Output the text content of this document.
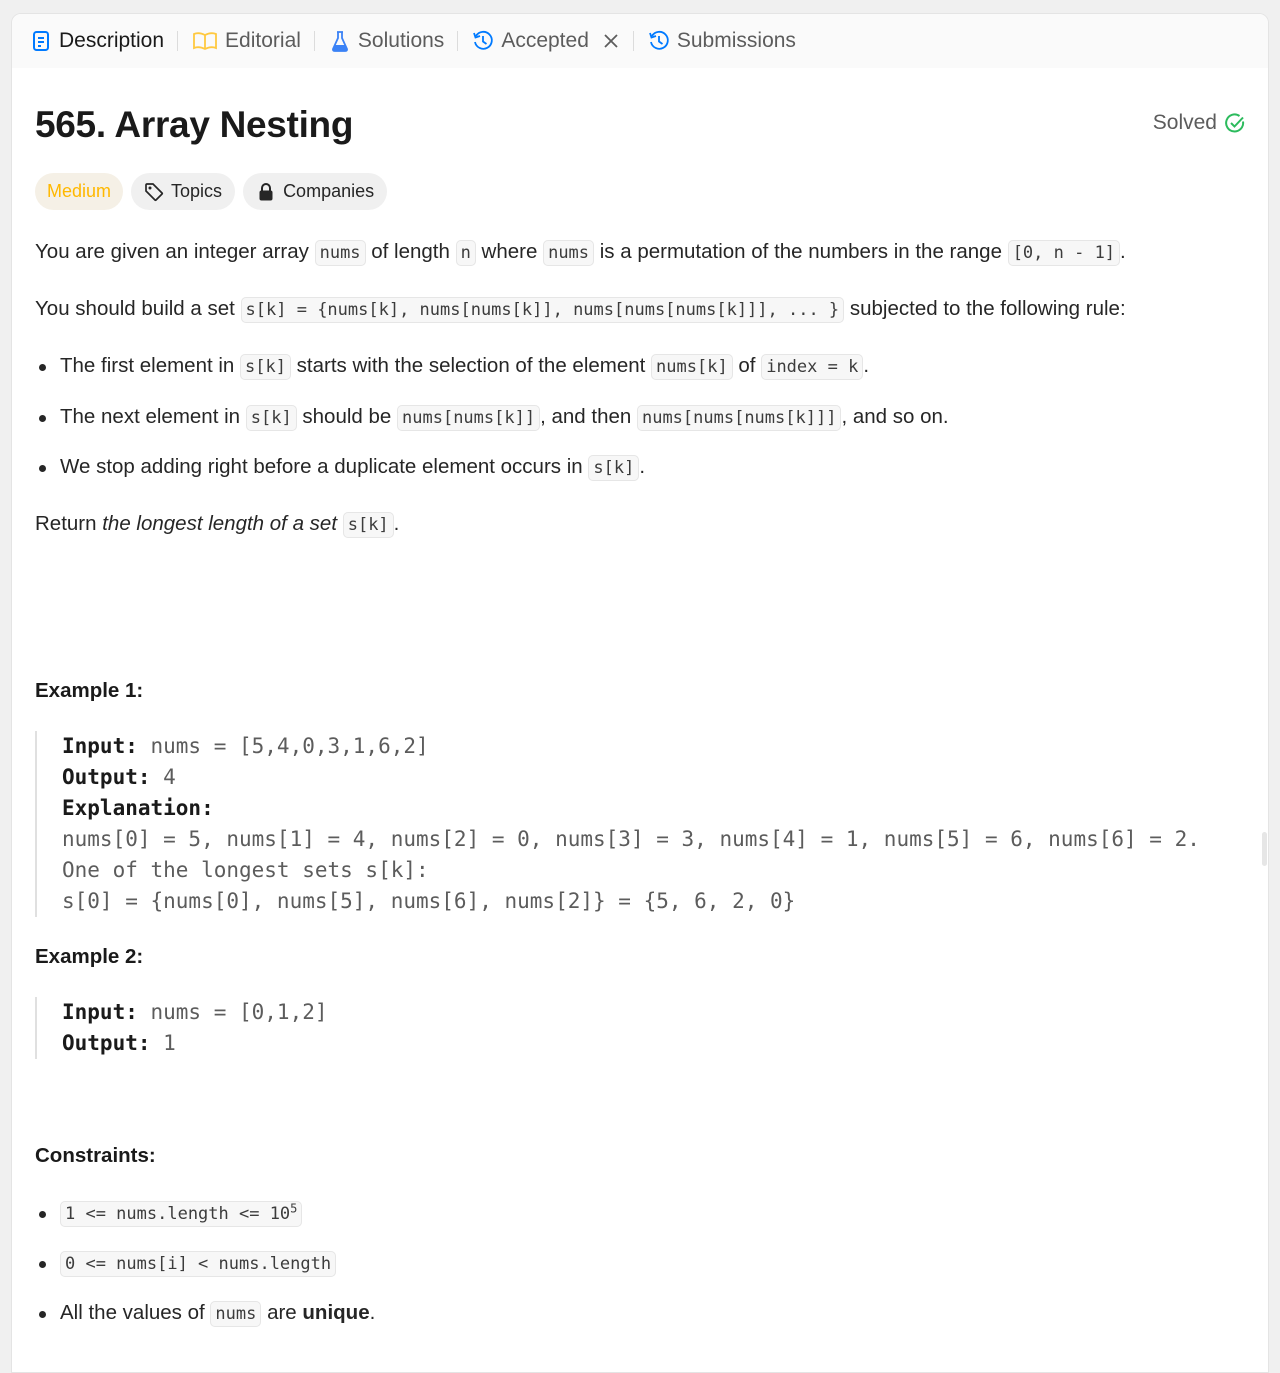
Description	Editorial	Solutions	Accepted	Submissions
565. Array Nesting	Solved
Medium	Topics	Companies
You are given an integer array nums of length n where nums is a permutation of the numbers in the range [0, n - 1] .
You should build a set s[k] = {nums[k], nums[nums[k]], nums[nums[nums[k]]], ... } subjected to the following rule:
The first element in s[k] starts with the selection of the element nums[k] of index = k .
The next element in s[k] should be nums[nums[k]] , and then nums[nums[nums[k]]] , and so on.
We stop adding right before a duplicate element occurs in s[k] .
Return the longest length of a set s[k] .
Example 1:
Input: nums = [5,4,0,3,1,6,2]
Output: 4
Explanation:
nums[0] = 5, nums[1] = 4, nums[2] = 0, nums[3] = 3, nums[4] = 1, nums[5] = 6, nums[6] = 2.
One of the longest sets s[k]:
s[0] = {nums[0], nums[5], nums[6], nums[2]} = {5, 6, 2, 0}
Example 2:
Input: nums = [0,1,2]
Output: 1
Constraints:
1 <= nums.length <= $10^5$
0 <= nums[i] < nums.length
All the values of nums are unique.
